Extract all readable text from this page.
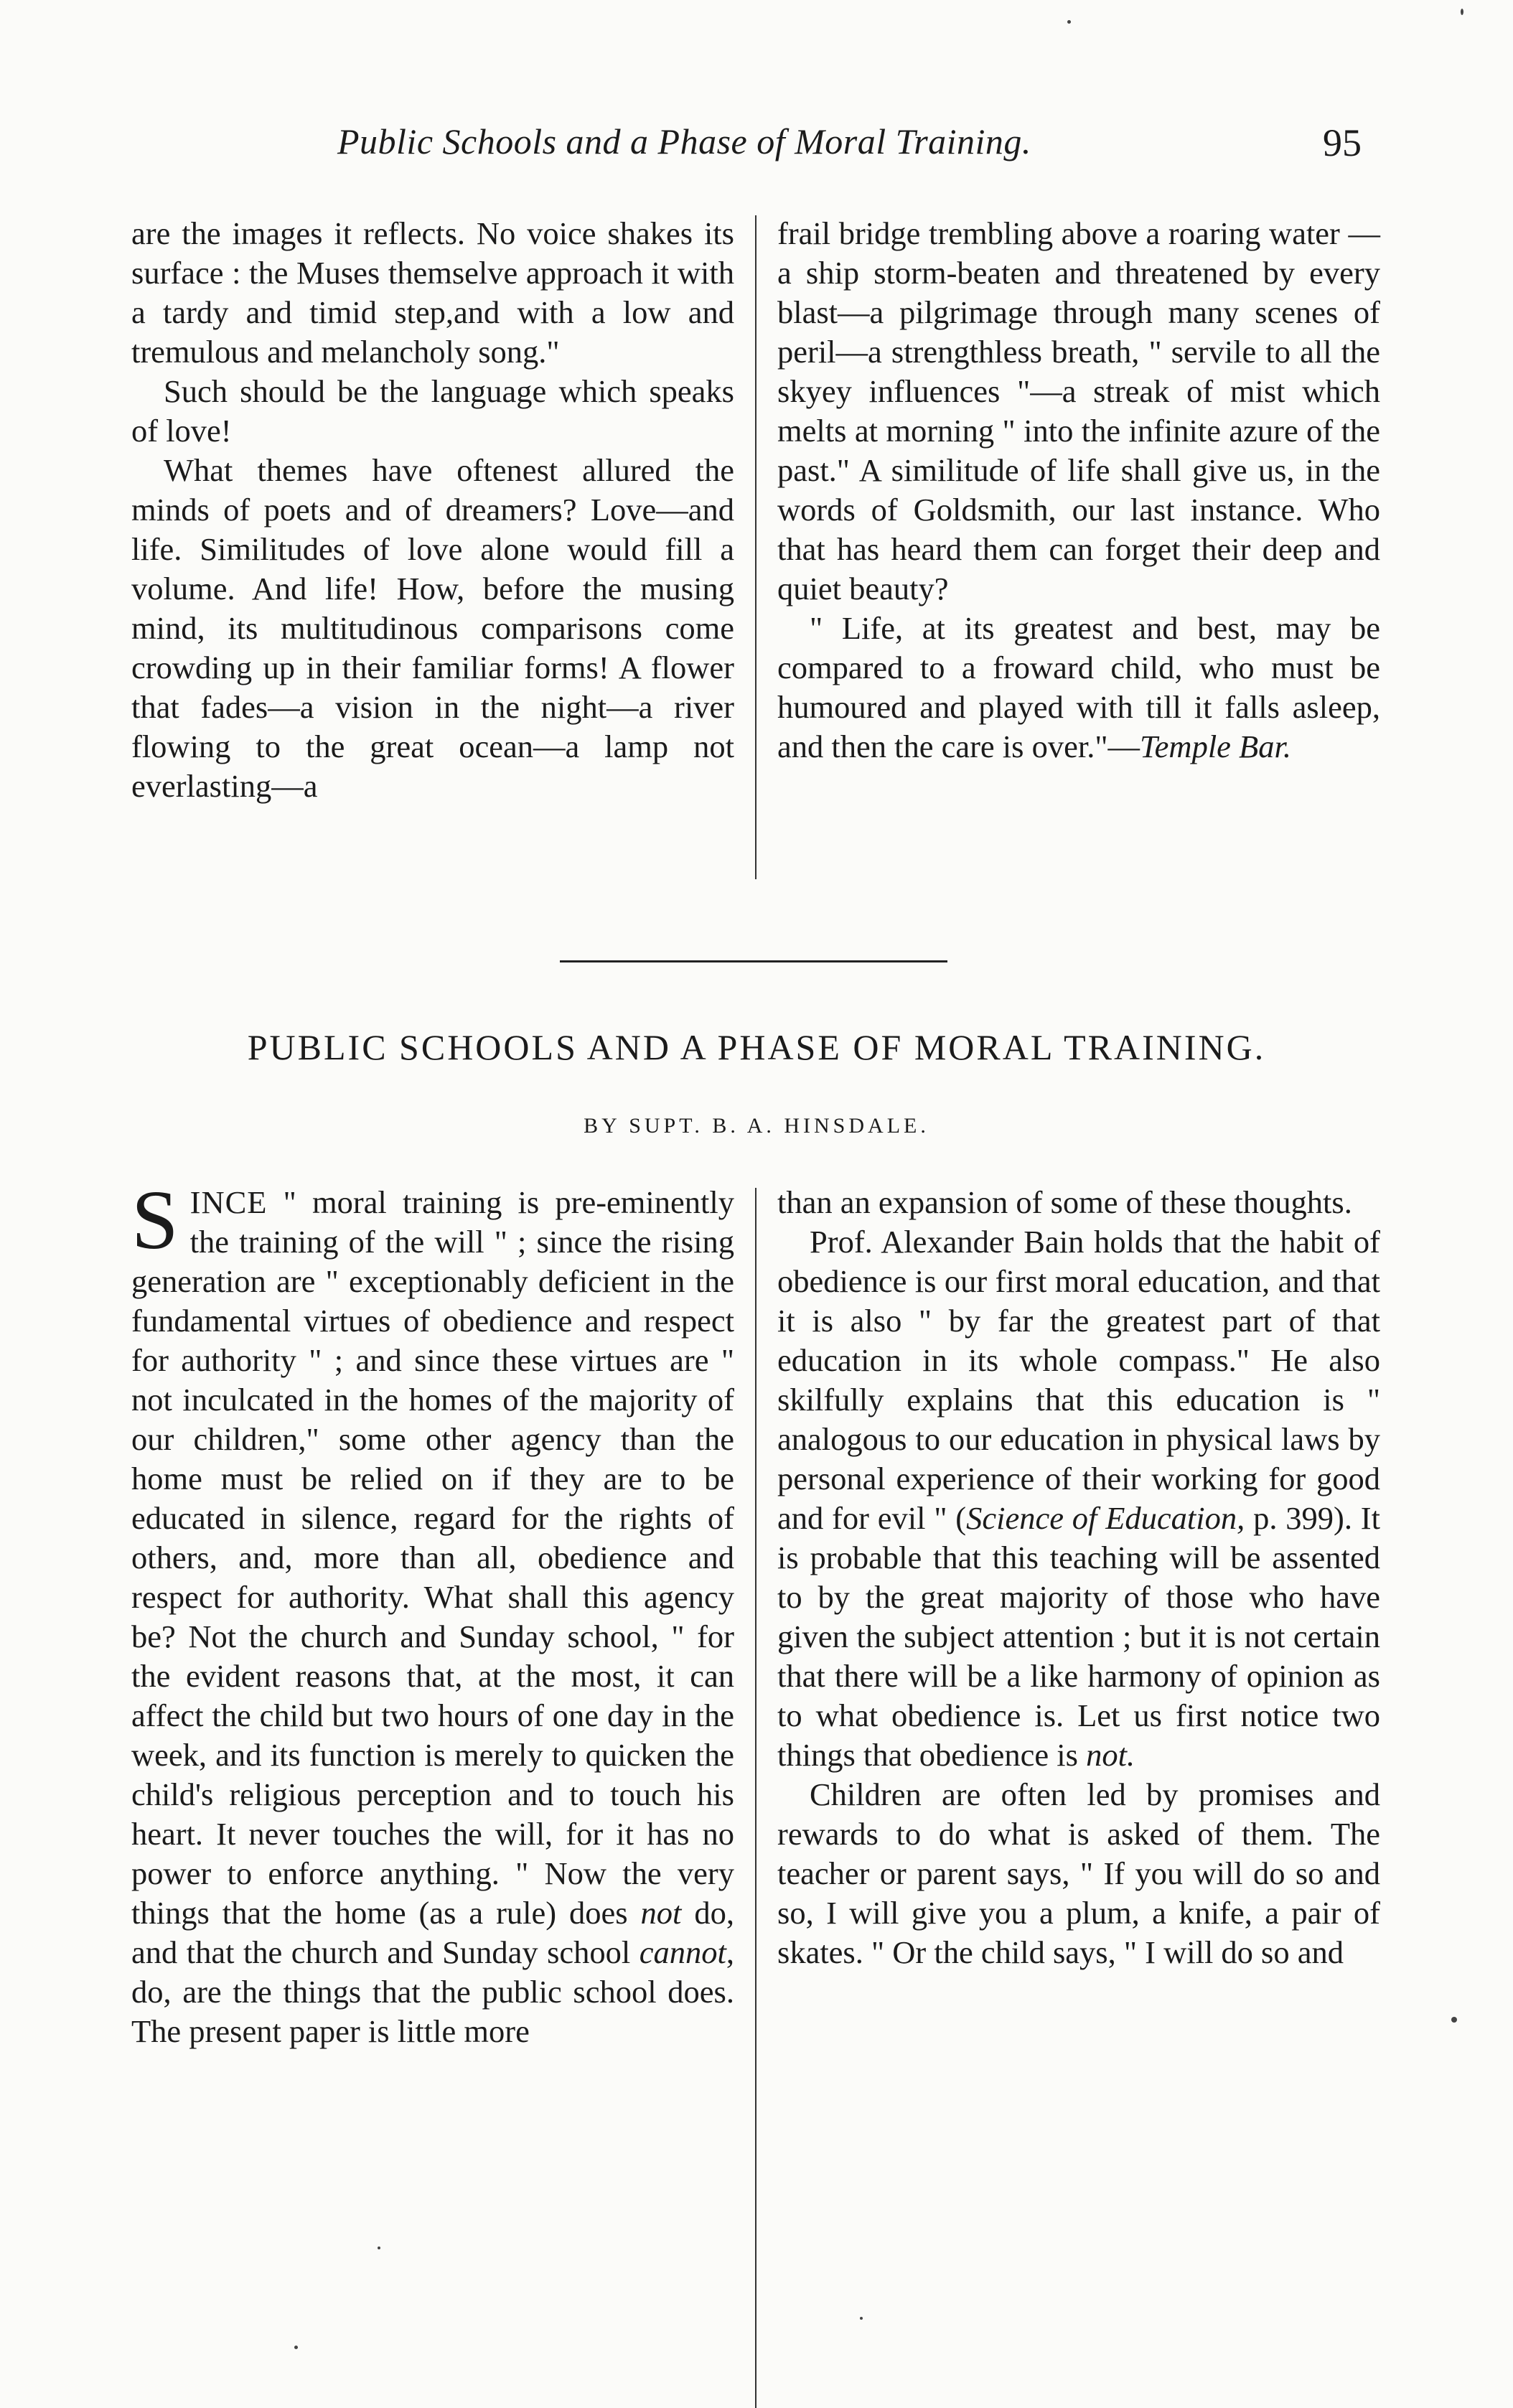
Public Schools and a Phase of Moral Training.	95

are the images it reflects. No voice shakes its surface : the Muses themselve approach it with a tardy and timid step,and with a low and tremulous and melancholy song."

Such should be the language which speaks of love!

What themes have oftenest allured the minds of poets and of dreamers? Love—and life. Similitudes of love alone would fill a volume. And life! How, before the musing mind, its multitudinous comparisons come crowding up in their familiar forms! A flower that fades—a vision in the night—a river flowing to the great ocean—a lamp not everlasting—a

frail bridge trembling above a roaring water — a ship storm-beaten and threatened by every blast—a pilgrimage through many scenes of peril—a strengthless breath, " servile to all the skyey influences "—a streak of mist which melts at morning " into the infinite azure of the past." A similitude of life shall give us, in the words of Goldsmith, our last instance. Who that has heard them can forget their deep and quiet beauty?

" Life, at its greatest and best, may be compared to a froward child, who must be humoured and played with till it falls asleep, and then the care is over."—Temple Bar.

PUBLIC SCHOOLS AND A PHASE OF MORAL TRAINING.
BY SUPT. B. A. HINSDALE.

SINCE " moral training is pre-eminently the training of the will " ; since the rising generation are " exceptionably deficient in the fundamental virtues of obedience and respect for authority " ; and since these virtues are " not inculcated in the homes of the majority of our children," some other agency than the home must be relied on if they are to be educated in silence, regard for the rights of others, and, more than all, obedience and respect for authority. What shall this agency be? Not the church and Sunday school, " for the evident reasons that, at the most, it can affect the child but two hours of one day in the week, and its function is merely to quicken the child's religious perception and to touch his heart. It never touches the will, for it has no power to enforce anything. " Now the very things that the home (as a rule) does not do, and that the church and Sunday school cannot, do, are the things that the public school does. The present paper is little more

than an expansion of some of these thoughts.

Prof. Alexander Bain holds that the habit of obedience is our first moral education, and that it is also " by far the greatest part of that education in its whole compass." He also skilfully explains that this education is " analogous to our education in physical laws by personal experience of their working for good and for evil " (Science of Education, p. 399). It is probable that this teaching will be assented to by the great majority of those who have given the subject attention ; but it is not certain that there will be a like harmony of opinion as to what obedience is. Let us first notice two things that obedience is not.

Children are often led by promises and rewards to do what is asked of them. The teacher or parent says, " If you will do so and so, I will give you a plum, a knife, a pair of skates. " Or the child says, " I will do so and
